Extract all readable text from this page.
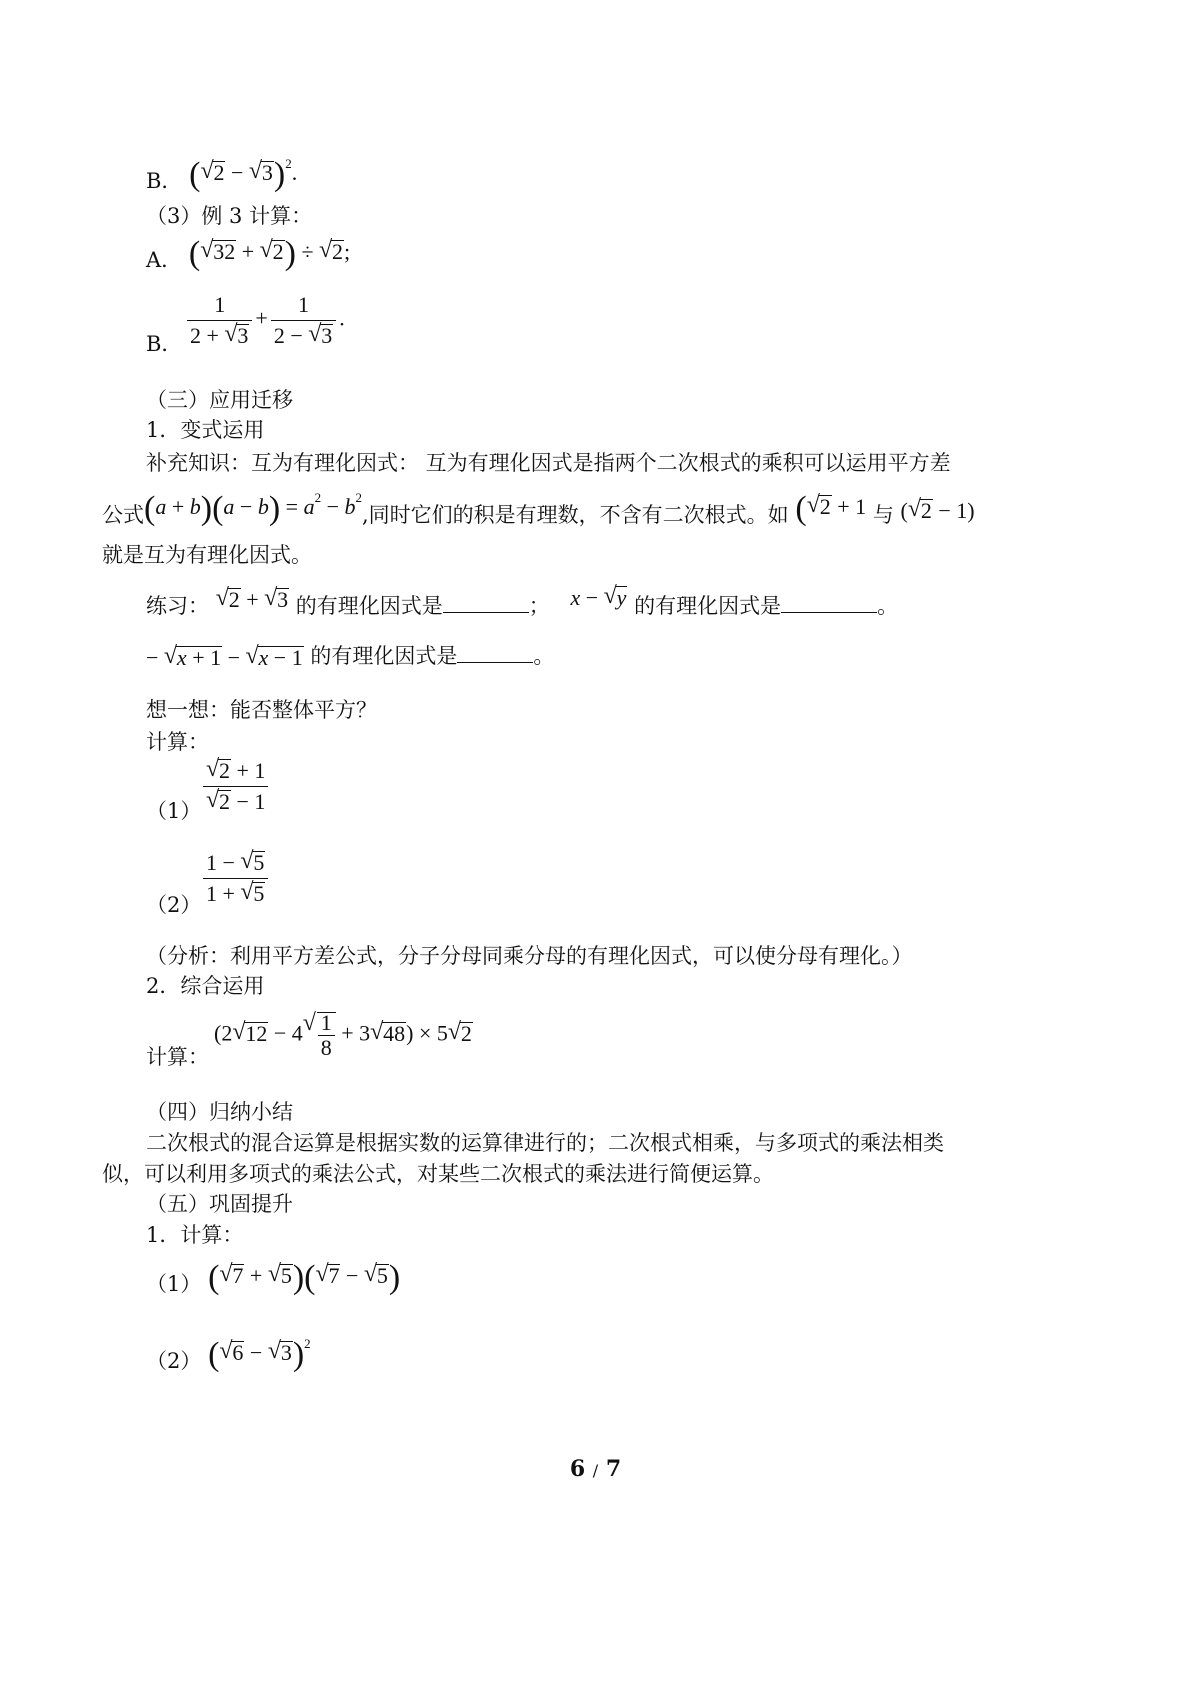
B． (√ 2 − √ 3)$^2$.
（3）例 3 计算：
A． (√ 32 + √ 2) ÷ √ 2;
B． $\frac{1}{2 + √ 3} + \frac{1}{2 - √ 3}$ .
（三）应用迁移
1．变式运用
补充知识：互为有理化因式： 互为有理化因式是指两个二次根式的乘积可以运用平方差
公式$(a + b)(a - b) = a^2 - b^2$,同时它们的积是有理数，不含有二次根式。如 (√ 2 + 1 与 (√ 2 − 1)
就是互为有理化因式。
练习： √ 2 + √ 3 的有理化因式是	； x − √ y 的有理化因式是	。
− √ x + 1 − √ x − 1 的有理化因式是	。
想一想：能否整体平方？
计算：
（1）
√ 2 + 1
√ 2 − 1
$(2) \frac{1 - √ 5}{1 + √ 5}$
（分析：利用平方差公式，分子分母同乘分母的有理化因式，可以使分母有理化。）
2．综合运用
计算：
(2√ 12 − 4
√ $\frac{1}{8} + 3√$ 48) × 5√ 2
（四）归纳小结
二次根式的混合运算是根据实数的运算律进行的；二次根式相乘，与多项式的乘法相类
似，可以利用多项式的乘法公式，对某些二次根式的乘法进行简便运算。
（五）巩固提升
1．计算：
（1） (√ 7 + √ 5)(√ 7 − √ 5)
（2） (√ 6 − √ 3)$^2$
6 / 7
